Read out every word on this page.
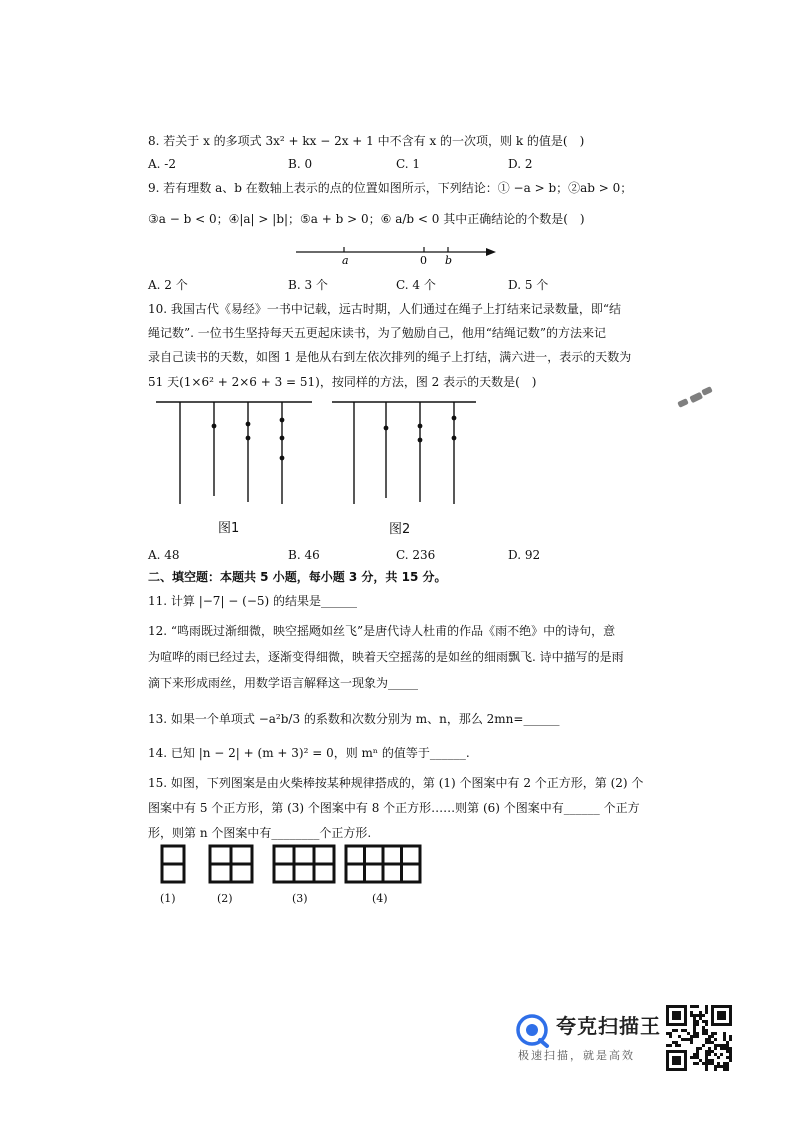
8. 若关于 x 的多项式 3x² + kx − 2x + 1 中不含有 x 的一次项，则 k 的值是(　)
A. -2	B. 0	C. 1	D. 2
9. 若有理数 a、b 在数轴上表示的点的位置如图所示，下列结论：① −a > b；②ab > 0；
③a − b < 0；④|a| > |b|；⑤a + b > 0；⑥ a/b < 0 其中正确结论的个数是(　)
a	0 b
A. 2 个	B. 3 个	C. 4 个	D. 5 个
10. 我国古代《易经》一书中记载，远古时期，人们通过在绳子上打结来记录数量，即“结
绳记数”. 一位书生坚持每天五更起床读书，为了勉励自己，他用“结绳记数”的方法来记
录自己读书的天数，如图 1 是他从右到左依次排列的绳子上打结，满六进一，表示的天数为
51 天(1×6² + 2×6 + 3 = 51)，按同样的方法，图 2 表示的天数是(　)
图1	图2
A. 48	B. 46	C. 236	D. 92
二、填空题：本题共 5 小题，每小题 3 分，共 15 分。
11. 计算 |−7| − (−5) 的结果是______
12. “鸣雨既过渐细微，映空摇飏如丝飞”是唐代诗人杜甫的作品《雨不绝》中的诗句，意
为喧哗的雨已经过去，逐渐变得细微，映着天空摇荡的是如丝的细雨飘飞. 诗中描写的是雨
滴下来形成雨丝，用数学语言解释这一现象为_____
13. 如果一个单项式 −a²b/3 的系数和次数分别为 m、n，那么 2mn=______
14. 已知 |n − 2| + (m + 3)² = 0，则 mⁿ 的值等于______.
15. 如图，下列图案是由火柴棒按某种规律搭成的，第 (1) 个图案中有 2 个正方形，第 (2) 个
图案中有 5 个正方形，第 (3) 个图案中有 8 个正方形……则第 (6) 个图案中有______ 个正方
形，则第 n 个图案中有________个正方形.
(1)	(2)	(3)	(4)
夸克扫描王
极速扫描，就是高效
